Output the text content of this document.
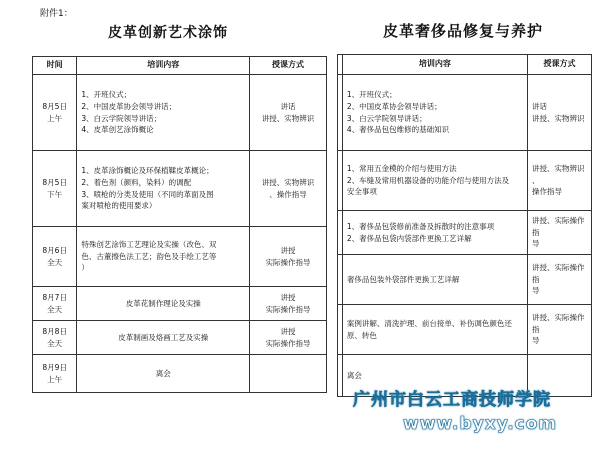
附件1：
皮革创新艺术涂饰	皮革奢侈品修复与养护
时间	培训内容	授课方式

8月5日
上午	1、开班仪式；
2、中国皮革协会领导讲话；
3、白云学院领导讲话；
4、皮革创艺涂饰概论	讲话
讲授、实物辨识

8月5日
下午	1、皮革涂饰概论及环保植鞣皮革概论；
2、着色剂（颜料，染料）的调配
3、喷枪的分类及使用（不同的革面及图
案对喷枪的使用要求）	讲授、实物辨识
、操作指导

8月6日
全天	特殊创艺涂饰工艺理论及实操（改色、双
色、古董擦色法工艺；韵色及手绘工艺等
）	讲授
实际操作指导

8月7日
全天	皮革花制作理论及实操	讲授
实际操作指导

8月8日
全天	皮革制画及烙画工艺及实操	讲授
实际操作指导

8月9日
上午	离会	

	培训内容	授课方式

	1、开班仪式；
2、中国皮革协会领导讲话；
3、白云学院领导讲话；
4、奢侈品包包维修的基础知识	讲话
讲授、实物辨识

	1、常用五金模的介绍与使用方法
2、车缝及常用机器设备的功能介绍与使用方法及
安全事项	讲授、实物辨识
、
操作指导

	1、奢侈品包袋修前准备及拆散时的注意事项
2、奢侈品包袋内袋部件更换工艺详解	讲授、实际操作指
导

	奢侈品包装外袋部件更换工艺详解	讲授、实际操作指
导

	案例讲解、清洗护理、前台接单、补伤调色颜色还
原、转色	讲授、实际操作指
导

	离会	

广州市白云工商技师学院
www.byxy.com
